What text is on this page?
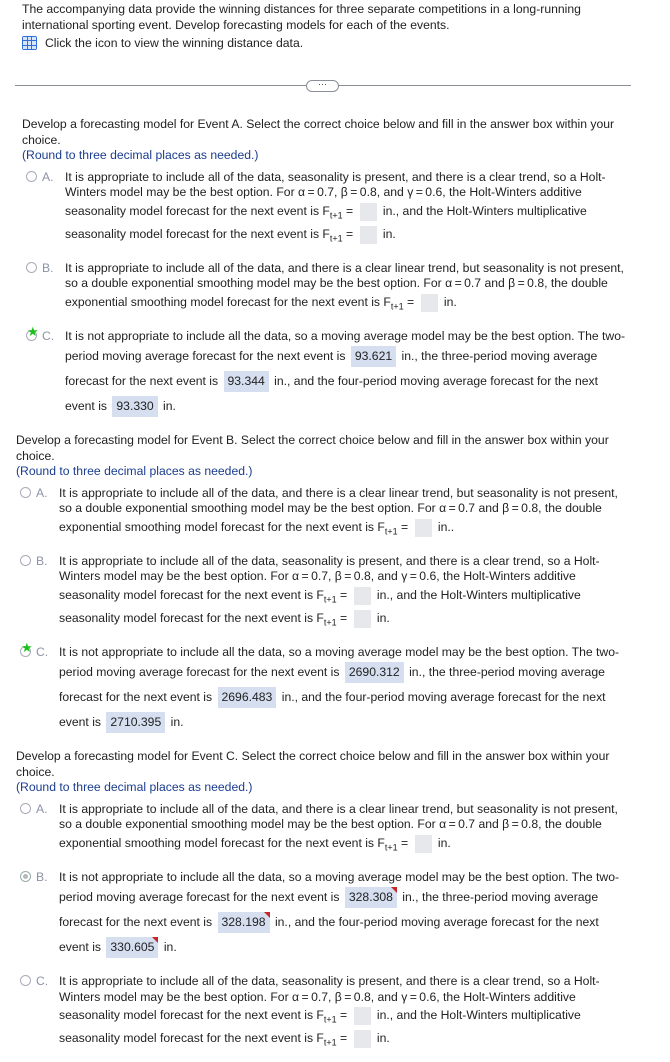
The accompanying data provide the winning distances for three separate competitions in a long-running international sporting event. Develop forecasting models for each of the events.
Click the icon to view the winning distance data.
···
Develop a forecasting model for Event A. Select the correct choice below and fill in the answer box within your choice.
(Round to three decimal places as needed.)
A. It is appropriate to include all of the data, seasonality is present, and there is a clear trend, so a Holt-Winters model may be the best option. For α = 0.7, β = 0.8, and γ = 0.6, the Holt-Winters additive seasonality model forecast for the next event is $F_{t+1}$ =  in., and the Holt-Winters multiplicative seasonality model forecast for the next event is $F_{t+1}$ =  in.
B. It is appropriate to include all of the data, and there is a clear linear trend, but seasonality is not present, so a double exponential smoothing model may be the best option. For α = 0.7 and β = 0.8, the double exponential smoothing model forecast for the next event is $F_{t+1}$ =  in.
★ C. It is not appropriate to include all the data, so a moving average model may be the best option. The two-period moving average forecast for the next event is 93.621 in., the three-period moving average forecast for the next event is 93.344 in., and the four-period moving average forecast for the next event is 93.330 in.
Develop a forecasting model for Event B. Select the correct choice below and fill in the answer box within your choice.
(Round to three decimal places as needed.)
A. It is appropriate to include all of the data, and there is a clear linear trend, but seasonality is not present, so a double exponential smoothing model may be the best option. For α = 0.7 and β = 0.8, the double exponential smoothing model forecast for the next event is $F_{t+1}$ =  in..
B. It is appropriate to include all of the data, seasonality is present, and there is a clear trend, so a Holt-Winters model may be the best option. For α = 0.7, β = 0.8, and γ = 0.6, the Holt-Winters additive seasonality model forecast for the next event is $F_{t+1}$ =  in., and the Holt-Winters multiplicative seasonality model forecast for the next event is $F_{t+1}$ =  in.
★ C. It is not appropriate to include all the data, so a moving average model may be the best option. The two-period moving average forecast for the next event is 2690.312 in., the three-period moving average forecast for the next event is 2696.483 in., and the four-period moving average forecast for the next event is 2710.395 in.
Develop a forecasting model for Event C. Select the correct choice below and fill in the answer box within your choice.
(Round to three decimal places as needed.)
A. It is appropriate to include all of the data, and there is a clear linear trend, but seasonality is not present, so a double exponential smoothing model may be the best option. For α = 0.7 and β = 0.8, the double exponential smoothing model forecast for the next event is $F_{t+1}$ =  in.
B. It is not appropriate to include all the data, so a moving average model may be the best option. The two-period moving average forecast for the next event is 328.308 in., the three-period moving average forecast for the next event is 328.198 in., and the four-period moving average forecast for the next event is 330.605 in.
C. It is appropriate to include all of the data, seasonality is present, and there is a clear trend, so a Holt-Winters model may be the best option. For α = 0.7, β = 0.8, and γ = 0.6, the Holt-Winters additive seasonality model forecast for the next event is $F_{t+1}$ =  in., and the Holt-Winters multiplicative seasonality model forecast for the next event is $F_{t+1}$ =  in.
